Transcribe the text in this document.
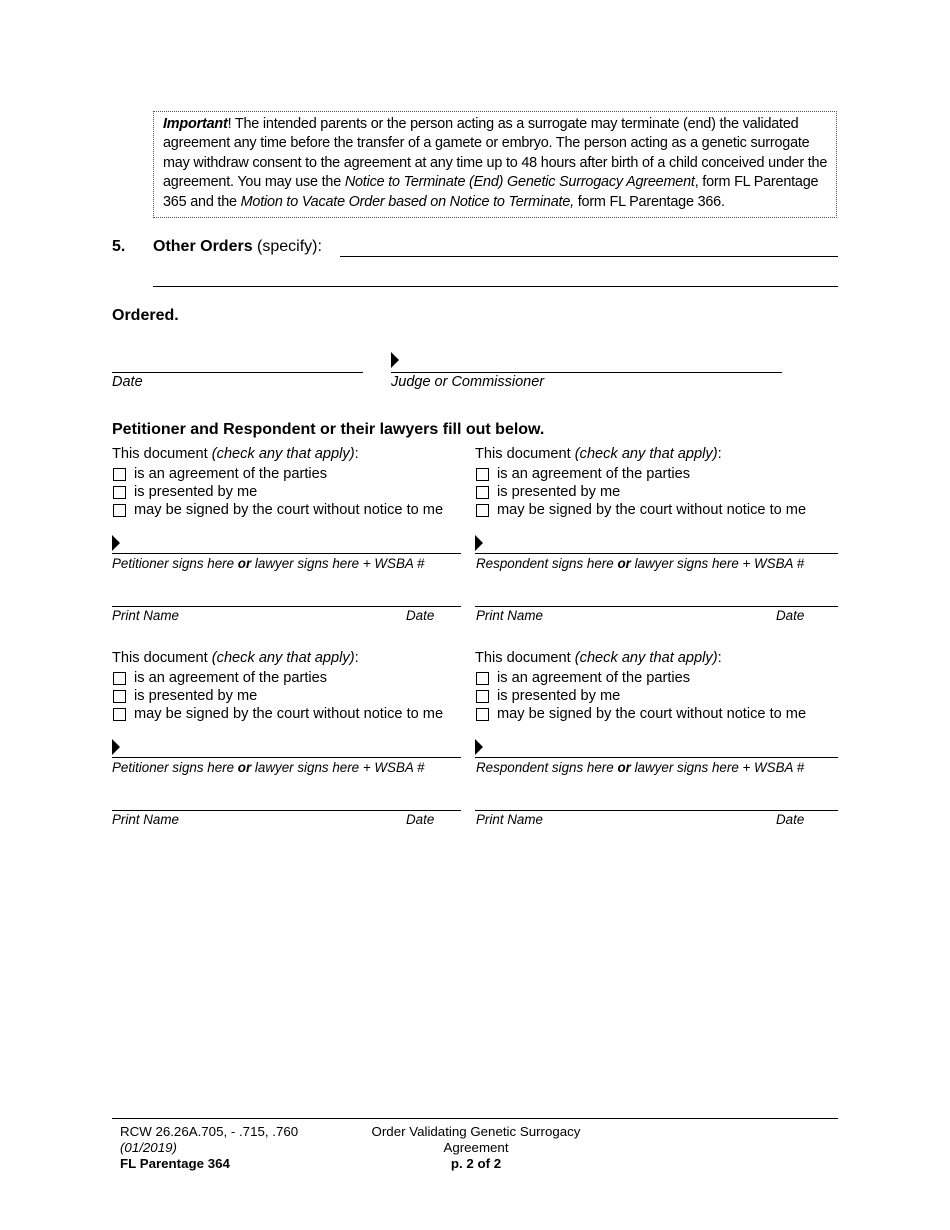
Important! The intended parents or the person acting as a surrogate may terminate (end) the validated agreement any time before the transfer of a gamete or embryo. The person acting as a genetic surrogate may withdraw consent to the agreement at any time up to 48 hours after birth of a child conceived under the agreement. You may use the Notice to Terminate (End) Genetic Surrogacy Agreement, form FL Parentage 365 and the Motion to Vacate Order based on Notice to Terminate, form FL Parentage 366.
5. Other Orders (specify):
Ordered.
Date	Judge or Commissioner
Petitioner and Respondent or their lawyers fill out below.
This document (check any that apply):
is an agreement of the parties
is presented by me
may be signed by the court without notice to me
Petitioner signs here or lawyer signs here + WSBA #
Print Name	Date
This document (check any that apply):
is an agreement of the parties
is presented by me
may be signed by the court without notice to me
Respondent signs here or lawyer signs here + WSBA #
Print Name	Date
This document (check any that apply):
is an agreement of the parties
is presented by me
may be signed by the court without notice to me
Petitioner signs here or lawyer signs here + WSBA #
Print Name	Date
This document (check any that apply):
is an agreement of the parties
is presented by me
may be signed by the court without notice to me
Respondent signs here or lawyer signs here + WSBA #
Print Name	Date
RCW 26.26A.705, - .715, .760
(01/2019)
FL Parentage 364
Order Validating Genetic Surrogacy
Agreement
p. 2 of 2
